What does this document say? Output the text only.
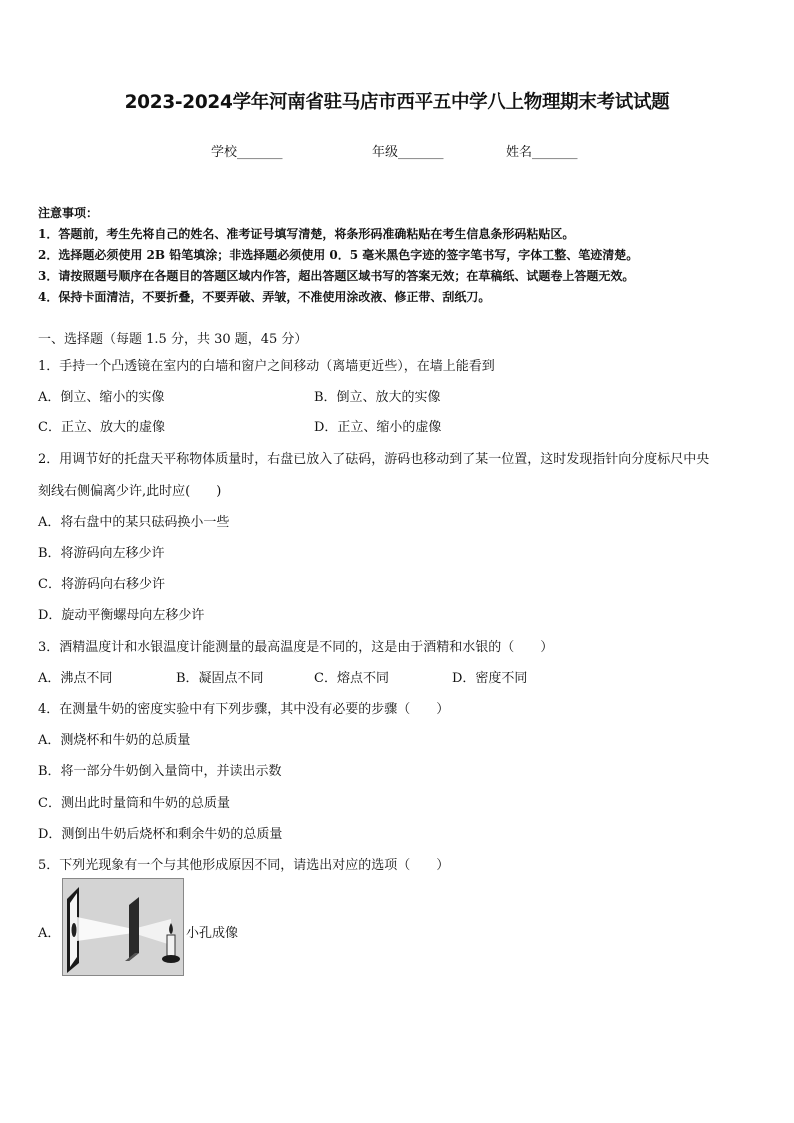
2023-2024学年河南省驻马店市西平五中学八上物理期末考试试题
学校_______	年级_______	姓名_______
注意事项：
1．答题前，考生先将自己的姓名、准考证号填写清楚，将条形码准确粘贴在考生信息条形码粘贴区。
2．选择题必须使用 2B 铅笔填涂；非选择题必须使用 0．5 毫米黑色字迹的签字笔书写，字体工整、笔迹清楚。
3．请按照题号顺序在各题目的答题区域内作答，超出答题区域书写的答案无效；在草稿纸、试题卷上答题无效。
4．保持卡面清洁，不要折叠，不要弄破、弄皱，不准使用涂改液、修正带、刮纸刀。
一、选择题（每题 1.5 分，共 30 题，45 分）
1．手持一个凸透镜在室内的白墙和窗户之间移动（离墙更近些），在墙上能看到
A．倒立、缩小的实像	B．倒立、放大的实像
C．正立、放大的虚像	D．正立、缩小的虚像
2．用调节好的托盘天平称物体质量时，右盘已放入了砝码，游码也移动到了某一位置，这时发现指针向分度标尺中央
刻线右侧偏离少许,此时应(　　)
A．将右盘中的某只砝码换小一些
B．将游码向左移少许
C．将游码向右移少许
D．旋动平衡螺母向左移少许
3．酒精温度计和水银温度计能测量的最高温度是不同的，这是由于酒精和水银的（　　）
A．沸点不同	B．凝固点不同	C．熔点不同	D．密度不同
4．在测量牛奶的密度实验中有下列步骤，其中没有必要的步骤（　　）
A．测烧杯和牛奶的总质量
B．将一部分牛奶倒入量筒中，并读出示数
C．测出此时量筒和牛奶的总质量
D．测倒出牛奶后烧杯和剩余牛奶的总质量
5．下列光现象有一个与其他形成原因不同，请选出对应的选项（　　）
A．	小孔成像
